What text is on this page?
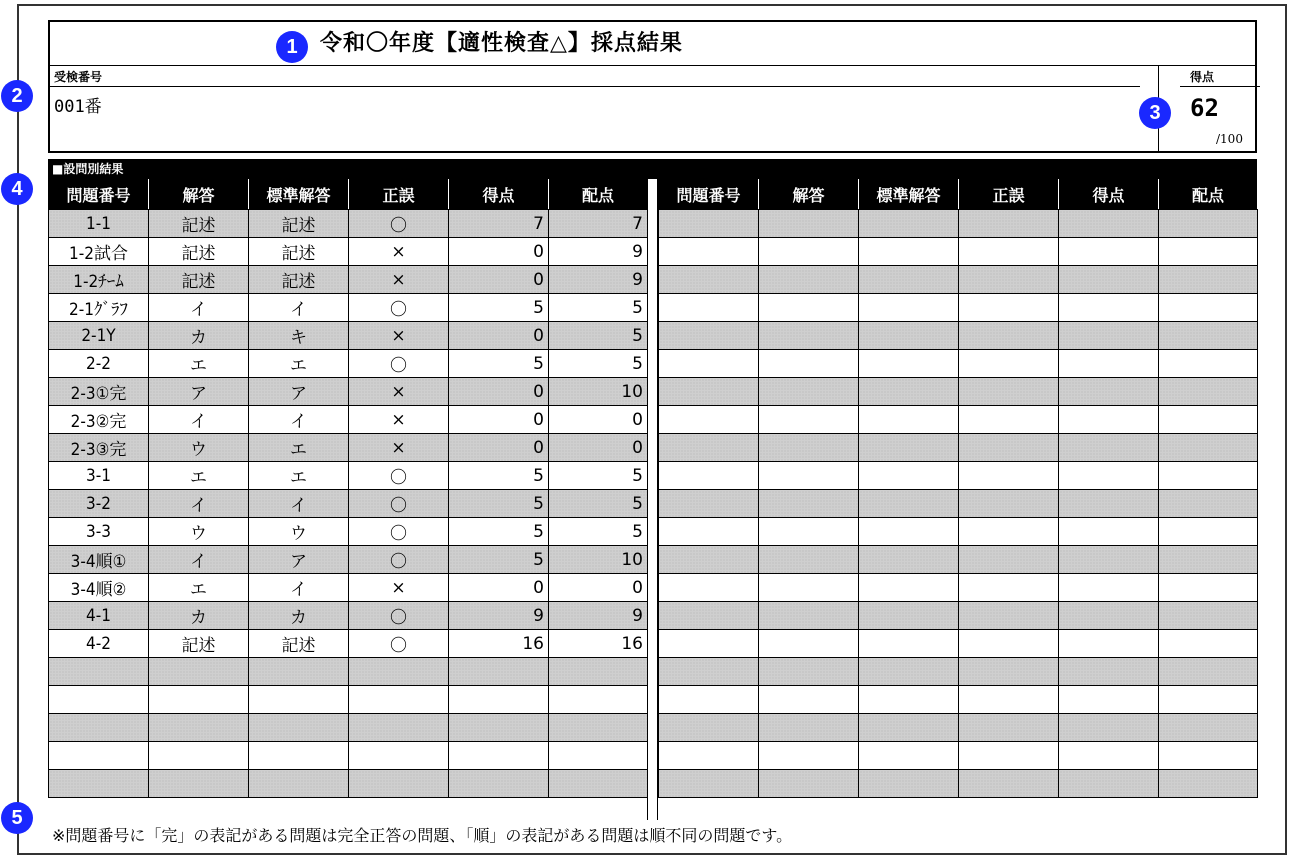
令和〇年度【適性検査△】採点結果
受検番号
001番
得点
62
/100
■設問別結果
問題番号	解答	標準解答	正誤	得点	配点
1-1	記述	記述	〇	7	7
1-2試合	記述	記述	×	0	9
1-2ﾁｰﾑ	記述	記述	×	0	9
2-1ｸﾞﾗﾌ	イ	イ	〇	5	5
2-1Y	カ	キ	×	0	5
2-2	エ	エ	〇	5	5
2-3①完	ア	ア	×	0	10
2-3②完	イ	イ	×	0	0
2-3③完	ウ	エ	×	0	0
3-1	エ	エ	〇	5	5
3-2	イ	イ	〇	5	5
3-3	ウ	ウ	〇	5	5
3-4順①	イ	ア	〇	5	10
3-4順②	エ	イ	×	0	0
4-1	カ	カ	〇	9	9
4-2	記述	記述	〇	16	16

問題番号	解答	標準解答	正誤	得点	配点

※問題番号に「完」の表記がある問題は完全正答の問題、「順」の表記がある問題は順不同の問題です。
1
2
3
4
5
